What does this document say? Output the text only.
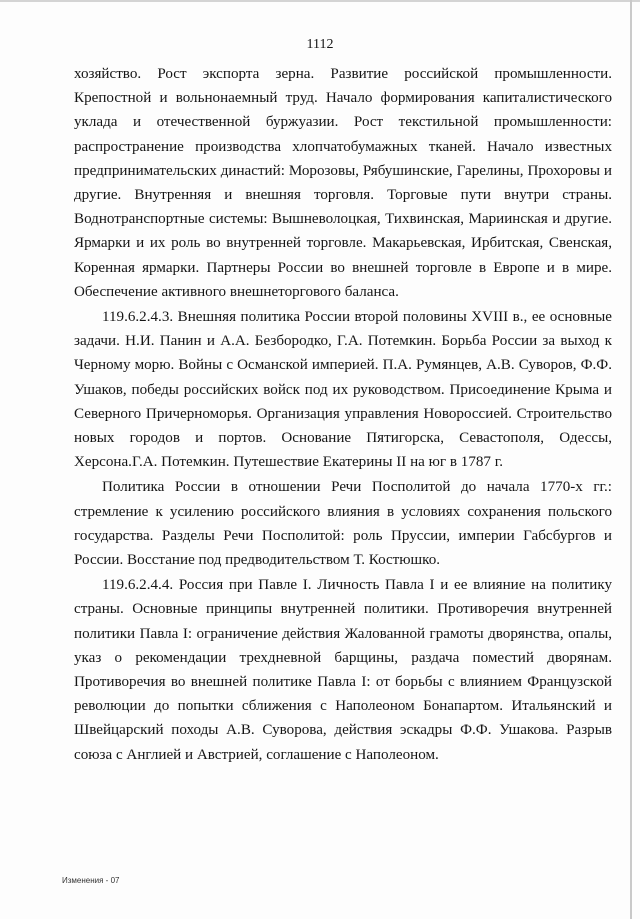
1112

хозяйство. Рост экспорта зерна. Развитие российской промышленности. Крепостной и вольнонаемный труд. Начало формирования капиталистического уклада и отечественной буржуазии. Рост текстильной промышленности: распространение производства хлопчатобумажных тканей. Начало известных предпринимательских династий: Морозовы, Рябушинские, Гарелины, Прохоровы и другие. Внутренняя и внешняя торговля. Торговые пути внутри страны. Воднотранспортные системы: Вышневолоцкая, Тихвинская, Мариинская и другие. Ярмарки и их роль во внутренней торговле. Макарьевская, Ирбитская, Свенская, Коренная ярмарки. Партнеры России во внешней торговле в Европе и в мире. Обеспечение активного внешнеторгового баланса.

119.6.2.4.3. Внешняя политика России второй половины XVIII в., ее основные задачи. Н.И. Панин и А.А. Безбородко, Г.А. Потемкин. Борьба России за выход к Черному морю. Войны с Османской империей. П.А. Румянцев, А.В. Суворов, Ф.Ф. Ушаков, победы российских войск под их руководством. Присоединение Крыма и Северного Причерноморья. Организация управления Новороссией. Строительство новых городов и портов. Основание Пятигорска, Севастополя, Одессы, Херсона.Г.А. Потемкин. Путешествие Екатерины II на юг в 1787 г.

Политика России в отношении Речи Посполитой до начала 1770-х гг.: стремление к усилению российского влияния в условиях сохранения польского государства. Разделы Речи Посполитой: роль Пруссии, империи Габсбургов и России. Восстание под предводительством Т. Костюшко.

119.6.2.4.4. Россия при Павле I. Личность Павла I и ее влияние на политику страны. Основные принципы внутренней политики. Противоречия внутренней политики Павла I: ограничение действия Жалованной грамоты дворянства, опалы, указ о рекомендации трехдневной барщины, раздача поместий дворянам. Противоречия во внешней политике Павла I: от борьбы с влиянием Французской революции до попытки сближения с Наполеоном Бонапартом. Итальянский и Швейцарский походы А.В. Суворова, действия эскадры Ф.Ф. Ушакова. Разрыв союза с Англией и Австрией, соглашение с Наполеоном.

Изменения - 07
